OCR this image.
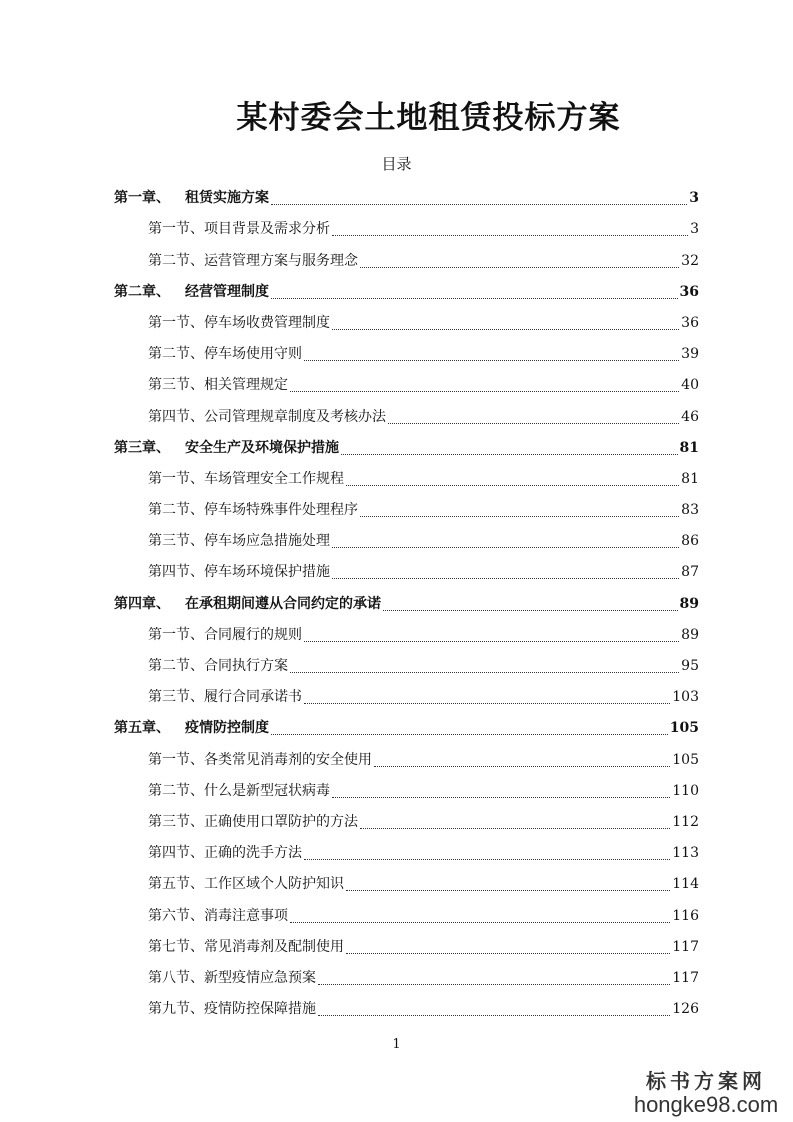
某村委会土地租赁投标方案
目录
第一章、 租赁实施方案	3
第一节、项目背景及需求分析	3
第二节、运营管理方案与服务理念	32
第二章、 经营管理制度	36
第一节、停车场收费管理制度	36
第二节、停车场使用守则	39
第三节、相关管理规定	40
第四节、公司管理规章制度及考核办法	46
第三章、 安全生产及环境保护措施	81
第一节、车场管理安全工作规程	81
第二节、停车场特殊事件处理程序	83
第三节、停车场应急措施处理	86
第四节、停车场环境保护措施	87
第四章、 在承租期间遵从合同约定的承诺	89
第一节、合同履行的规则	89
第二节、合同执行方案	95
第三节、履行合同承诺书	103
第五章、 疫情防控制度	105
第一节、各类常见消毒剂的安全使用	105
第二节、什么是新型冠状病毒	110
第三节、正确使用口罩防护的方法	112
第四节、正确的洗手方法	113
第五节、工作区域个人防护知识	114
第六节、消毒注意事项	116
第七节、常见消毒剂及配制使用	117
第八节、新型疫情应急预案	117
第九节、疫情防控保障措施	126
1
标书方案网
hongke98.com
